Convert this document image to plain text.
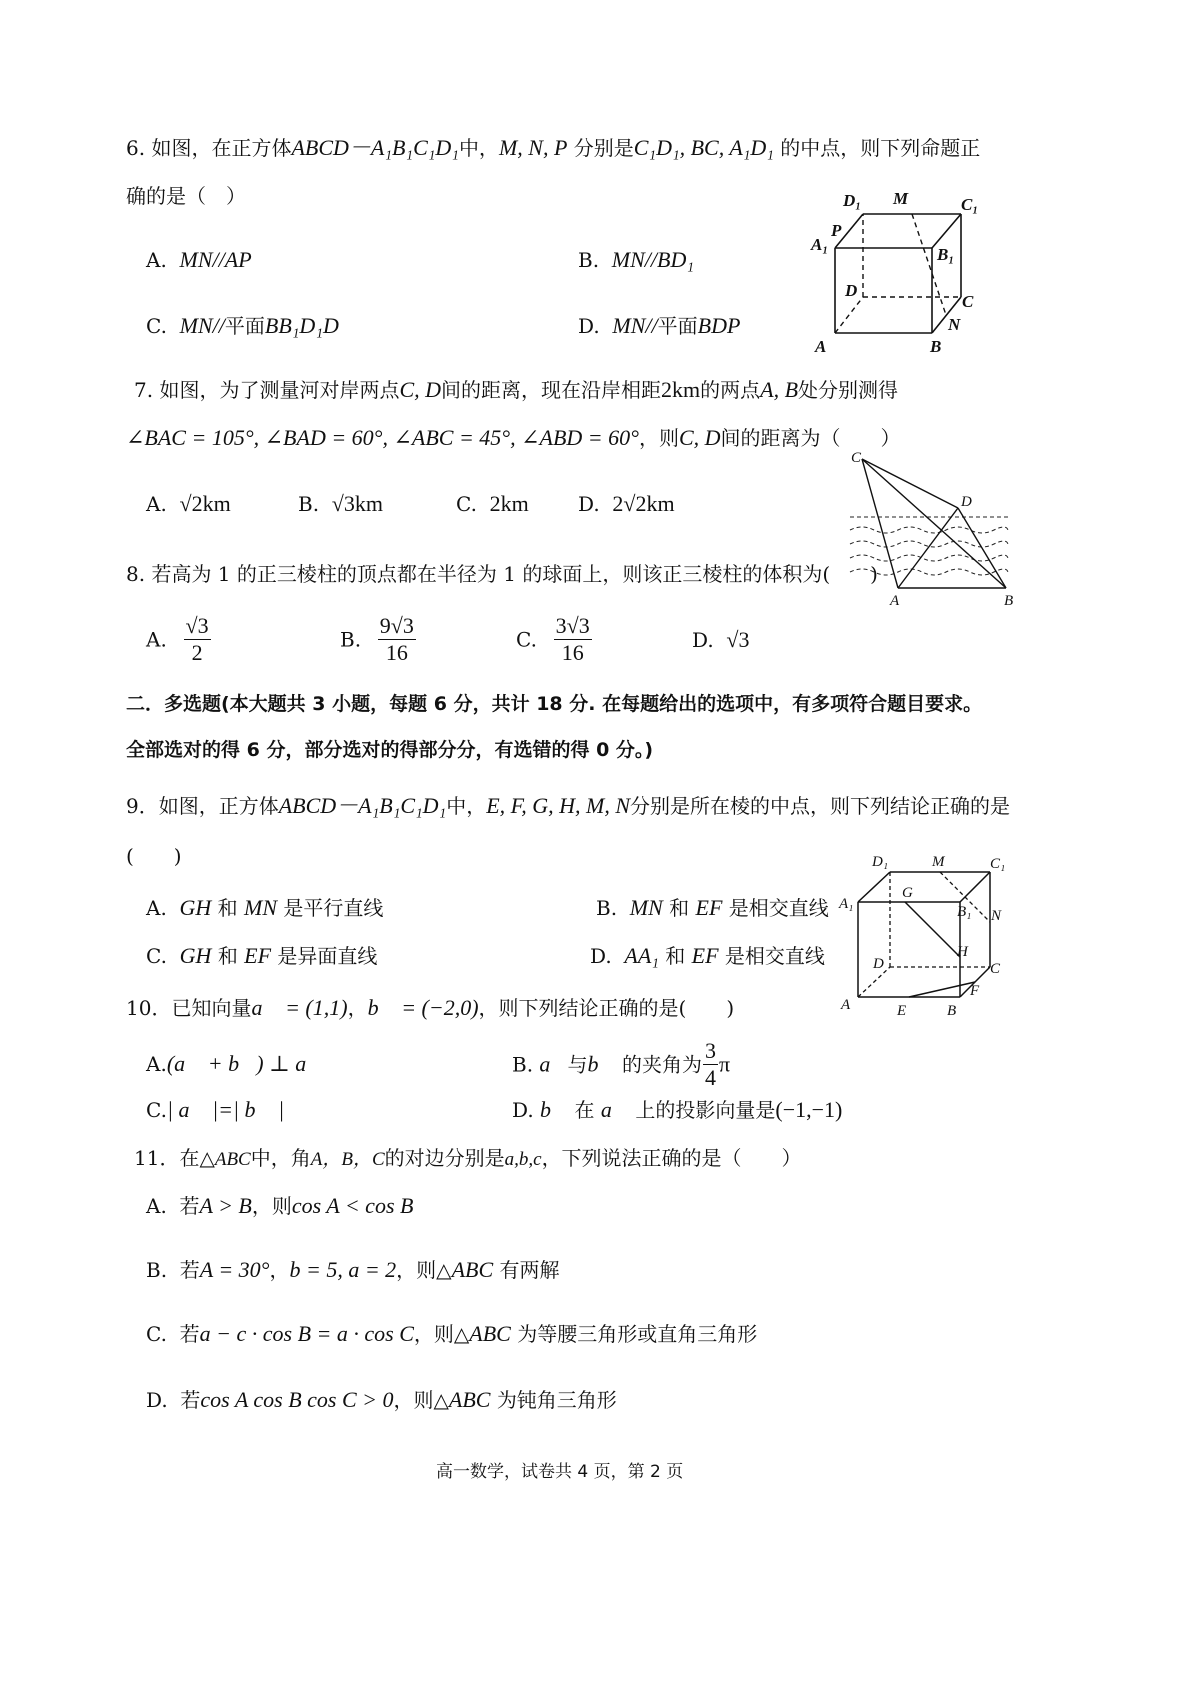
6. 如图，在正方体ABCD－A₁B₁C₁D₁中，M, N, P 分别是C₁D₁, BC, A₁D₁ 的中点，则下列命题正
确的是（　）
A. MN//AP	B. MN//BD₁
C. MN//平面BB₁D₁D	D. MN//平面BDP
D₁ M	C₁
P
A₁
B₁
D
C
N
A	B
7. 如图，为了测量河对岸两点C, D间的距离，现在沿岸相距2km的两点A, B处分别测得
∠BAC = 105°, ∠BAD = 60°, ∠ABC = 45°, ∠ABD = 60°，则C, D间的距离为（　　）
A. √2km	B. √3km	C. 2km D. 2√2km
C
D
A	B
8. 若高为 1 的正三棱柱的顶点都在半径为 1 的球面上，则该正三棱柱的体积为(　　)
A. $\frac{√3}{2}$	B. $\frac{9√3}{16}$	C. $\frac{3√3}{16}$	D. √3
二．多选题(本大题共 3 小题，每题 6 分，共计 18 分. 在每题给出的选项中，有多项符合题目要求。
全部选对的得 6 分，部分选对的得部分分，有选错的得 0 分。)
9．如图，正方体ABCD－A₁B₁C₁D₁中，E, F, G, H, M, N分别是所在棱的中点，则下列结论正确的是
(　　)
A. GH 和 MN 是平行直线	B. MN 和 EF 是相交直线
C. GH 和 EF 是异面直线	D. AA₁ 和 EF 是相交直线
D₁	M	C₁
A₁
G
B₁ N
D
H
C
F
A	E	B
10．已知向量a⃗ = (1,1)，b⃗ = (−2,0)，则下列结论正确的是(　　)
A.(a⃗ + b⃗) ⊥ a⃗	B. a⃗与b⃗ 的夹角为 $\frac{3}{4}$ π
C.| a⃗ |=| b⃗ |	D. b⃗ 在 a⃗ 上的投影向量是(−1,−1)
11．在△ABC中，角A，B，C的对边分别是a,b,c，下列说法正确的是（　　）
A. 若A > B，则cos A < cos B
B. 若A = 30°，b = 5, a = 2，则△ABC 有两解
C. 若a − c · cos B = a · cos C，则△ABC 为等腰三角形或直角三角形
D. 若cos A cos B cos C > 0，则△ABC 为钝角三角形
高一数学，试卷共 4 页，第 2 页
